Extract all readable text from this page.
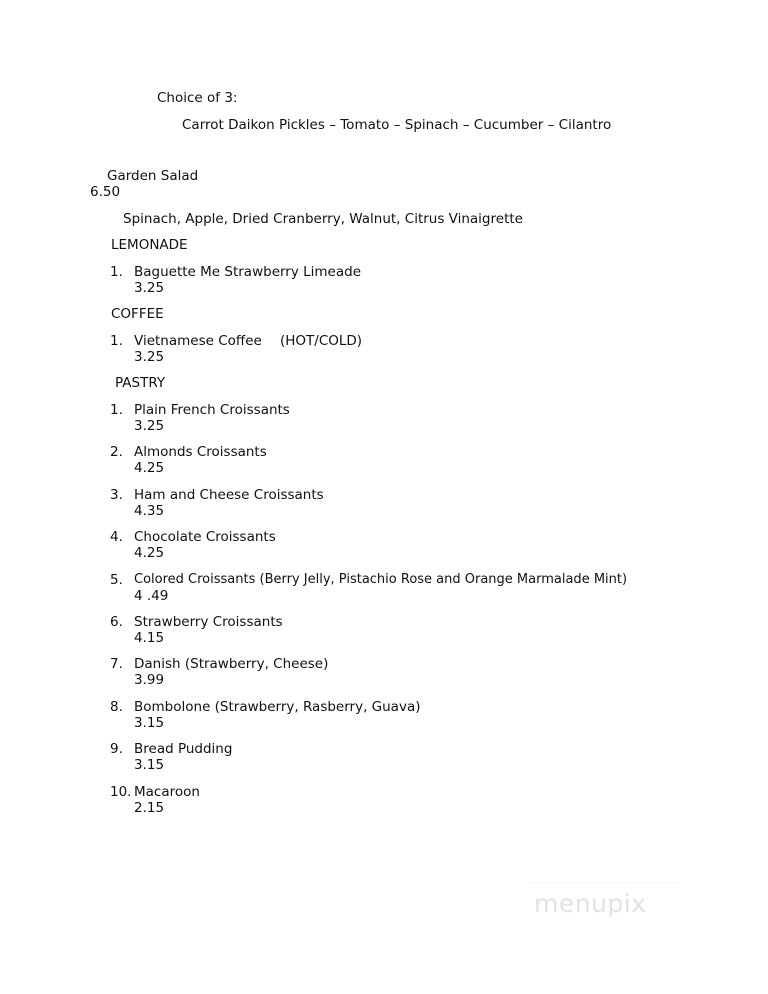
Choice of 3:
Carrot Daikon Pickles – Tomato – Spinach – Cucumber – Cilantro
Garden Salad
6.50
Spinach, Apple, Dried Cranberry, Walnut, Citrus Vinaigrette
LEMONADE
1. Baguette Me Strawberry Limeade
3.25
COFFEE
1. Vietnamese Coffee (HOT/COLD)
3.25
PASTRY
1. Plain French Croissants
3.25
2. Almonds Croissants
4.25
3. Ham and Cheese Croissants
4.35
4. Chocolate Croissants
4.25
5. Colored Croissants (Berry Jelly, Pistachio Rose and Orange Marmalade Mint)
4 .49
6. Strawberry Croissants
4.15
7. Danish (Strawberry, Cheese)
3.99
8. Bombolone (Strawberry, Rasberry, Guava)
3.15
9. Bread Pudding
3.15
10. Macaroon
2.15
menupix
